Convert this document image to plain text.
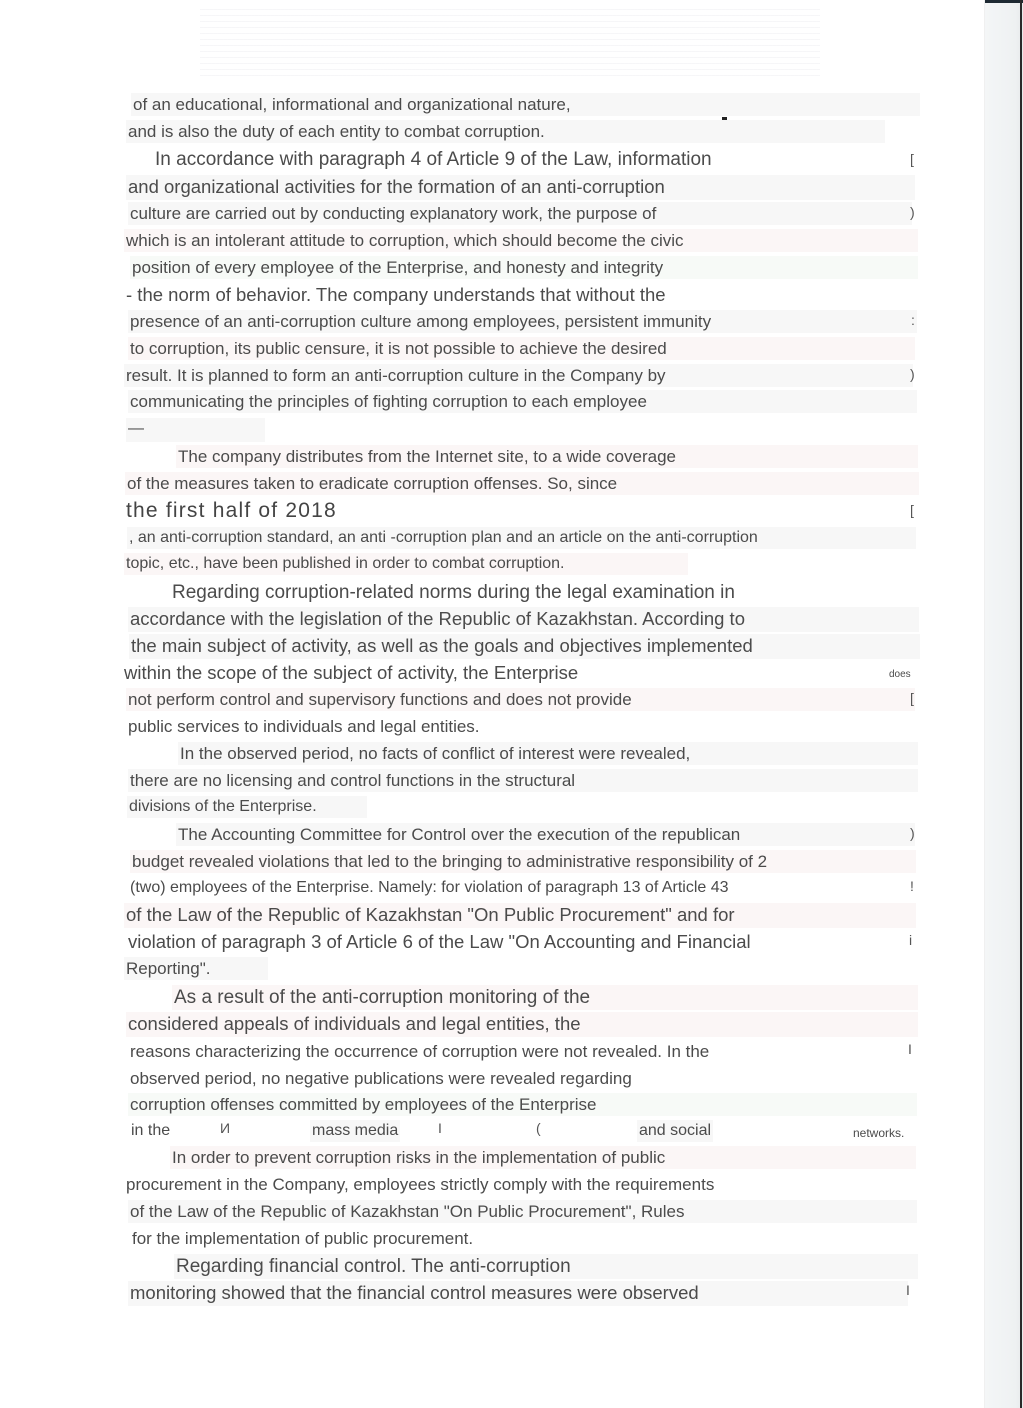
of an educational, informational and organizational nature,
and is also the duty of each entity to combat corruption.
In accordance with paragraph 4 of Article 9 of the Law, information	[
and organizational activities for the formation of an anti-corruption
culture are carried out by conducting explanatory work, the purpose of	)
which is an intolerant attitude to corruption, which should become the civic
position of every employee of the Enterprise, and honesty and integrity
- the norm of behavior. The company understands that without the
presence of an anti-corruption culture among employees, persistent immunity	:
to corruption, its public censure, it is not possible to achieve the desired
result. It is planned to form an anti-corruption culture in the Company by	)
communicating the principles of fighting corruption to each employee
—
The company distributes from the Internet site, to a wide coverage
of the measures taken to eradicate corruption offenses. So, since
the first half of 2018	[
, an anti-corruption standard, an anti -corruption plan and an article on the anti-corruption
topic, etc., have been published in order to combat corruption.
Regarding corruption-related norms during the legal examination in
accordance with the legislation of the Republic of Kazakhstan. According to
the main subject of activity, as well as the goals and objectives implemented
within the scope of the subject of activity, the Enterprise	does
not perform control and supervisory functions and does not provide	[
public services to individuals and legal entities.
In the observed period, no facts of conflict of interest were revealed,
there are no licensing and control functions in the structural
divisions of the Enterprise.
The Accounting Committee for Control over the execution of the republican	)
budget revealed violations that led to the bringing to administrative responsibility of 2
(two) employees of the Enterprise. Namely: for violation of paragraph 13 of Article 43	!
of the Law of the Republic of Kazakhstan "On Public Procurement" and for
violation of paragraph 3 of Article 6 of the Law "On Accounting and Financial	i
Reporting".
As a result of the anti-corruption monitoring of the
considered appeals of individuals and legal entities, the
reasons characterizing the occurrence of corruption were not revealed. In the	I
observed period, no negative publications were revealed regarding
corruption offenses committed by employees of the Enterprise
in the	И	mass media	I	(	and social	networks.
In order to prevent corruption risks in the implementation of public
procurement in the Company, employees strictly comply with the requirements
of the Law of the Republic of Kazakhstan "On Public Procurement", Rules
for the implementation of public procurement.
Regarding financial control. The anti-corruption
monitoring showed that the financial control measures were observed	I
